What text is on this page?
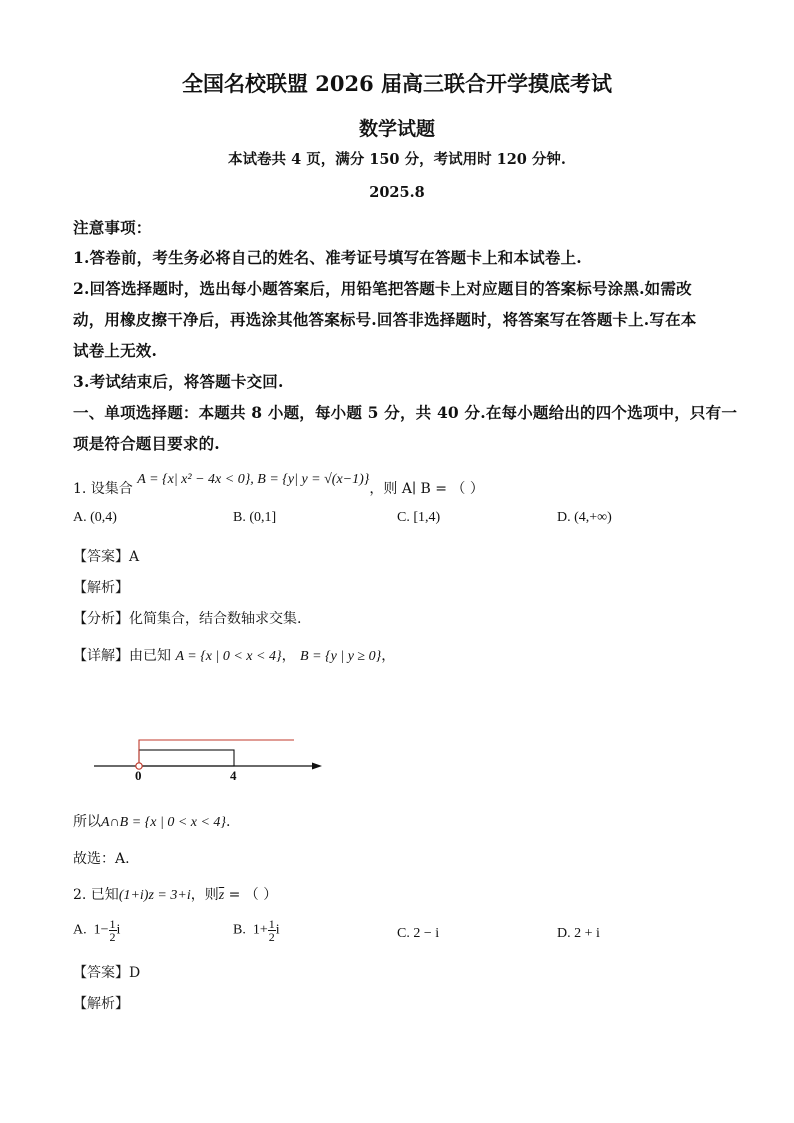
全国名校联盟 2026 届高三联合开学摸底考试
数学试题
本试卷共 4 页，满分 150 分，考试用时 120 分钟.
2025.8
注意事项：
1.答卷前，考生务必将自己的姓名、准考证号填写在答题卡上和本试卷上.
2.回答选择题时，选出每小题答案后，用铅笔把答题卡上对应题目的答案标号涂黑.如需改
动，用橡皮擦干净后，再选涂其他答案标号.回答非选择题时，将答案写在答题卡上.写在本
试卷上无效.
3.考试结束后，将答题卡交回.
一、单项选择题：本题共 8 小题，每小题 5 分，共 40 分.在每小题给出的四个选项中，只有一
项是符合题目要求的.
1. 设集合 A = {x| x² − 4x < 0}, B = {y| y = √(x−1)}，则 A∣ B = （ ）
A. (0,4)	B. (0,1]	C. [1,4)	D. (4,+∞)
【答案】A
【解析】
【分析】化简集合，结合数轴求交集.
【详解】由已知 A = {x | 0 < x < 4}， B = {y | y ≥ 0}，
0	4
所以A∩B = {x | 0 < x < 4}.
故选：A.
2. 已知(1+i)z = 3+i，则$\overline{z}$ = （ ）
A. $1- \frac{1}{2}$ i	B. $1+ \frac{1}{2}$ i	C. 2 − i	D. 2 + i
【答案】D
【解析】
